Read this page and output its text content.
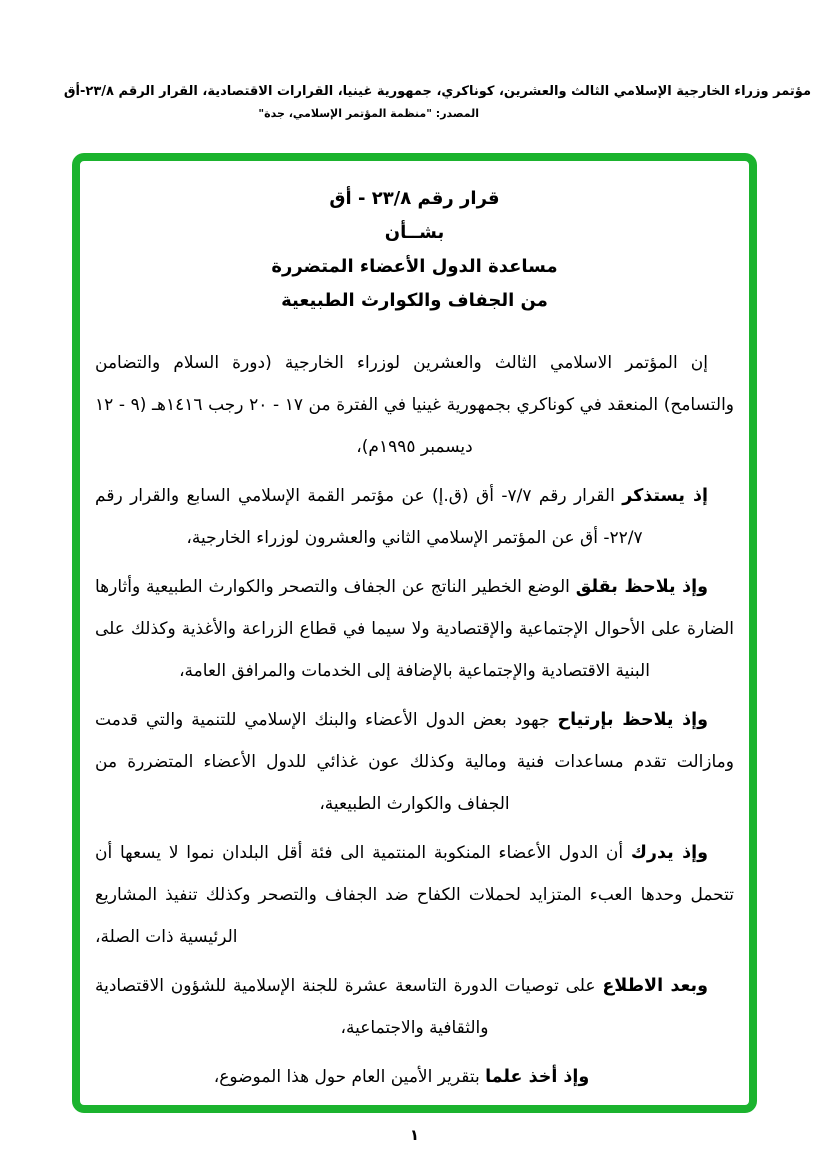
مؤتمر وزراء الخارجية الإسلامي الثالث والعشرين، كوناكري، جمهورية غينيا، القرارات الاقتصادية، القرار الرقم ٢٣/٨-أق
المصدر: "منظمة المؤتمر الإسلامي، جدة"
قرار رقم ٢٣/٨ - أق
بشــأن
مساعدة الدول الأعضاء المتضررة
من الجفاف والكوارث الطبيعية

إن المؤتمر الاسلامي الثالث والعشرين لوزراء الخارجية (دورة السلام والتضامن والتسامح) المنعقد في كوناكري بجمهورية غينيا في الفترة من ١٧ - ٢٠ رجب ١٤١٦هـ (٩ - ١٢ ديسمبر ١٩٩٥م)،

إذ يستذكر القرار رقم ٧/٧- أق (ق.إ) عن مؤتمر القمة الإسلامي السابع والقرار رقم ٢٢/٧- أق عن المؤتمر الإسلامي الثاني والعشرون لوزراء الخارجية،

وإذ يلاحظ بقلق الوضع الخطير الناتج عن الجفاف والتصحر والكوارث الطبيعية وأثارها الضارة على الأحوال الإجتماعية والإقتصادية ولا سيما في قطاع الزراعة والأغذية وكذلك على البنية الاقتصادية والإجتماعية بالإضافة إلى الخدمات والمرافق العامة،

وإذ يلاحظ بإرتياح جهود بعض الدول الأعضاء والبنك الإسلامي للتنمية والتي قدمت ومازالت تقدم مساعدات فنية ومالية وكذلك عون غذائي للدول الأعضاء المتضررة من الجفاف والكوارث الطبيعية،

وإذ يدرك أن الدول الأعضاء المنكوبة المنتمية الى فئة أقل البلدان نموا لا يسعها أن تتحمل وحدها العبء المتزايد لحملات الكفاح ضد الجفاف والتصحر وكذلك تنفيذ المشاريع الرئيسية ذات الصلة،

وبعد الاطلاع على توصيات الدورة التاسعة عشرة للجنة الإسلامية للشؤون الاقتصادية والثقافية والاجتماعية،

وإذ أخذ علما بتقرير الأمين العام حول هذا الموضوع،

١
